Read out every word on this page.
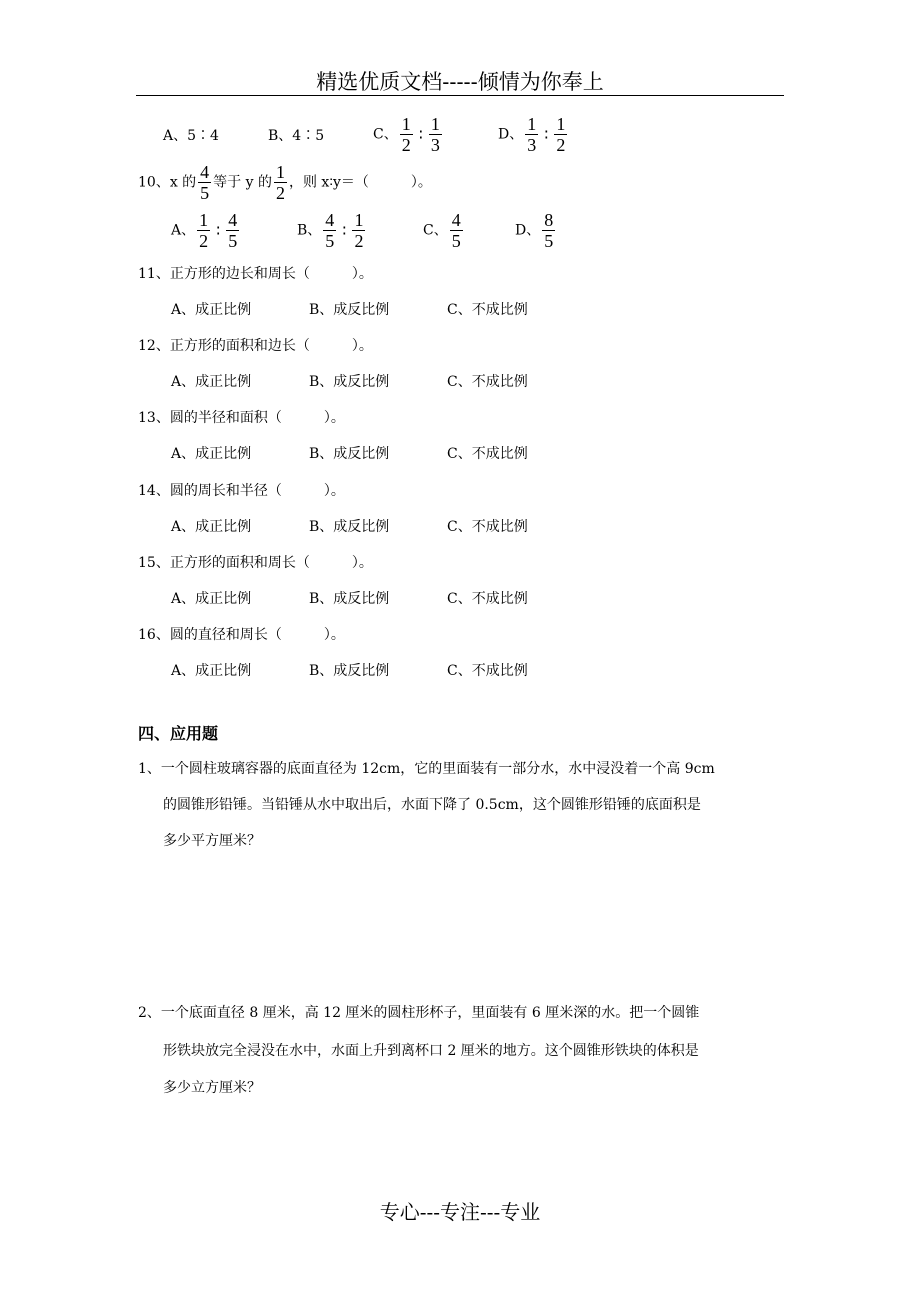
精选优质文档-----倾情为你奉上
A、5∶4	B、4∶5	C、 $\frac{1}{2}$ ∶ $\frac{1}{3}$	D、 $\frac{1}{3}$ ∶ $\frac{1}{2}$
10、x 的 $\frac{4}{5}$ 等于 y 的 $\frac{1}{2}$ ，则 x∶y＝（　　　）。
A、 $\frac{1}{2}$ ∶ $\frac{4}{5}$	B、 $\frac{4}{5}$ ∶ $\frac{1}{2}$	C、 $\frac{4}{5}$	D、 $\frac{8}{5}$
11、正方形的边长和周长（　　　）。
A、成正比例	B、成反比例	C、不成比例
12、正方形的面积和边长（　　　）。
A、成正比例	B、成反比例	C、不成比例
13、圆的半径和面积（　　　）。
A、成正比例	B、成反比例	C、不成比例
14、圆的周长和半径（　　　）。
A、成正比例	B、成反比例	C、不成比例
15、正方形的面积和周长（　　　）。
A、成正比例	B、成反比例	C、不成比例
16、圆的直径和周长（　　　）。
A、成正比例	B、成反比例	C、不成比例
四、应用题
1、一个圆柱玻璃容器的底面直径为 12cm，它的里面装有一部分水，水中浸没着一个高 9cm
的圆锥形铅锤。当铅锤从水中取出后，水面下降了 0.5cm，这个圆锥形铅锤的底面积是
多少平方厘米？
2、一个底面直径 8 厘米，高 12 厘米的圆柱形杯子，里面装有 6 厘米深的水。把一个圆锥
形铁块放完全浸没在水中，水面上升到离杯口 2 厘米的地方。这个圆锥形铁块的体积是
多少立方厘米？
专心---专注---专业
